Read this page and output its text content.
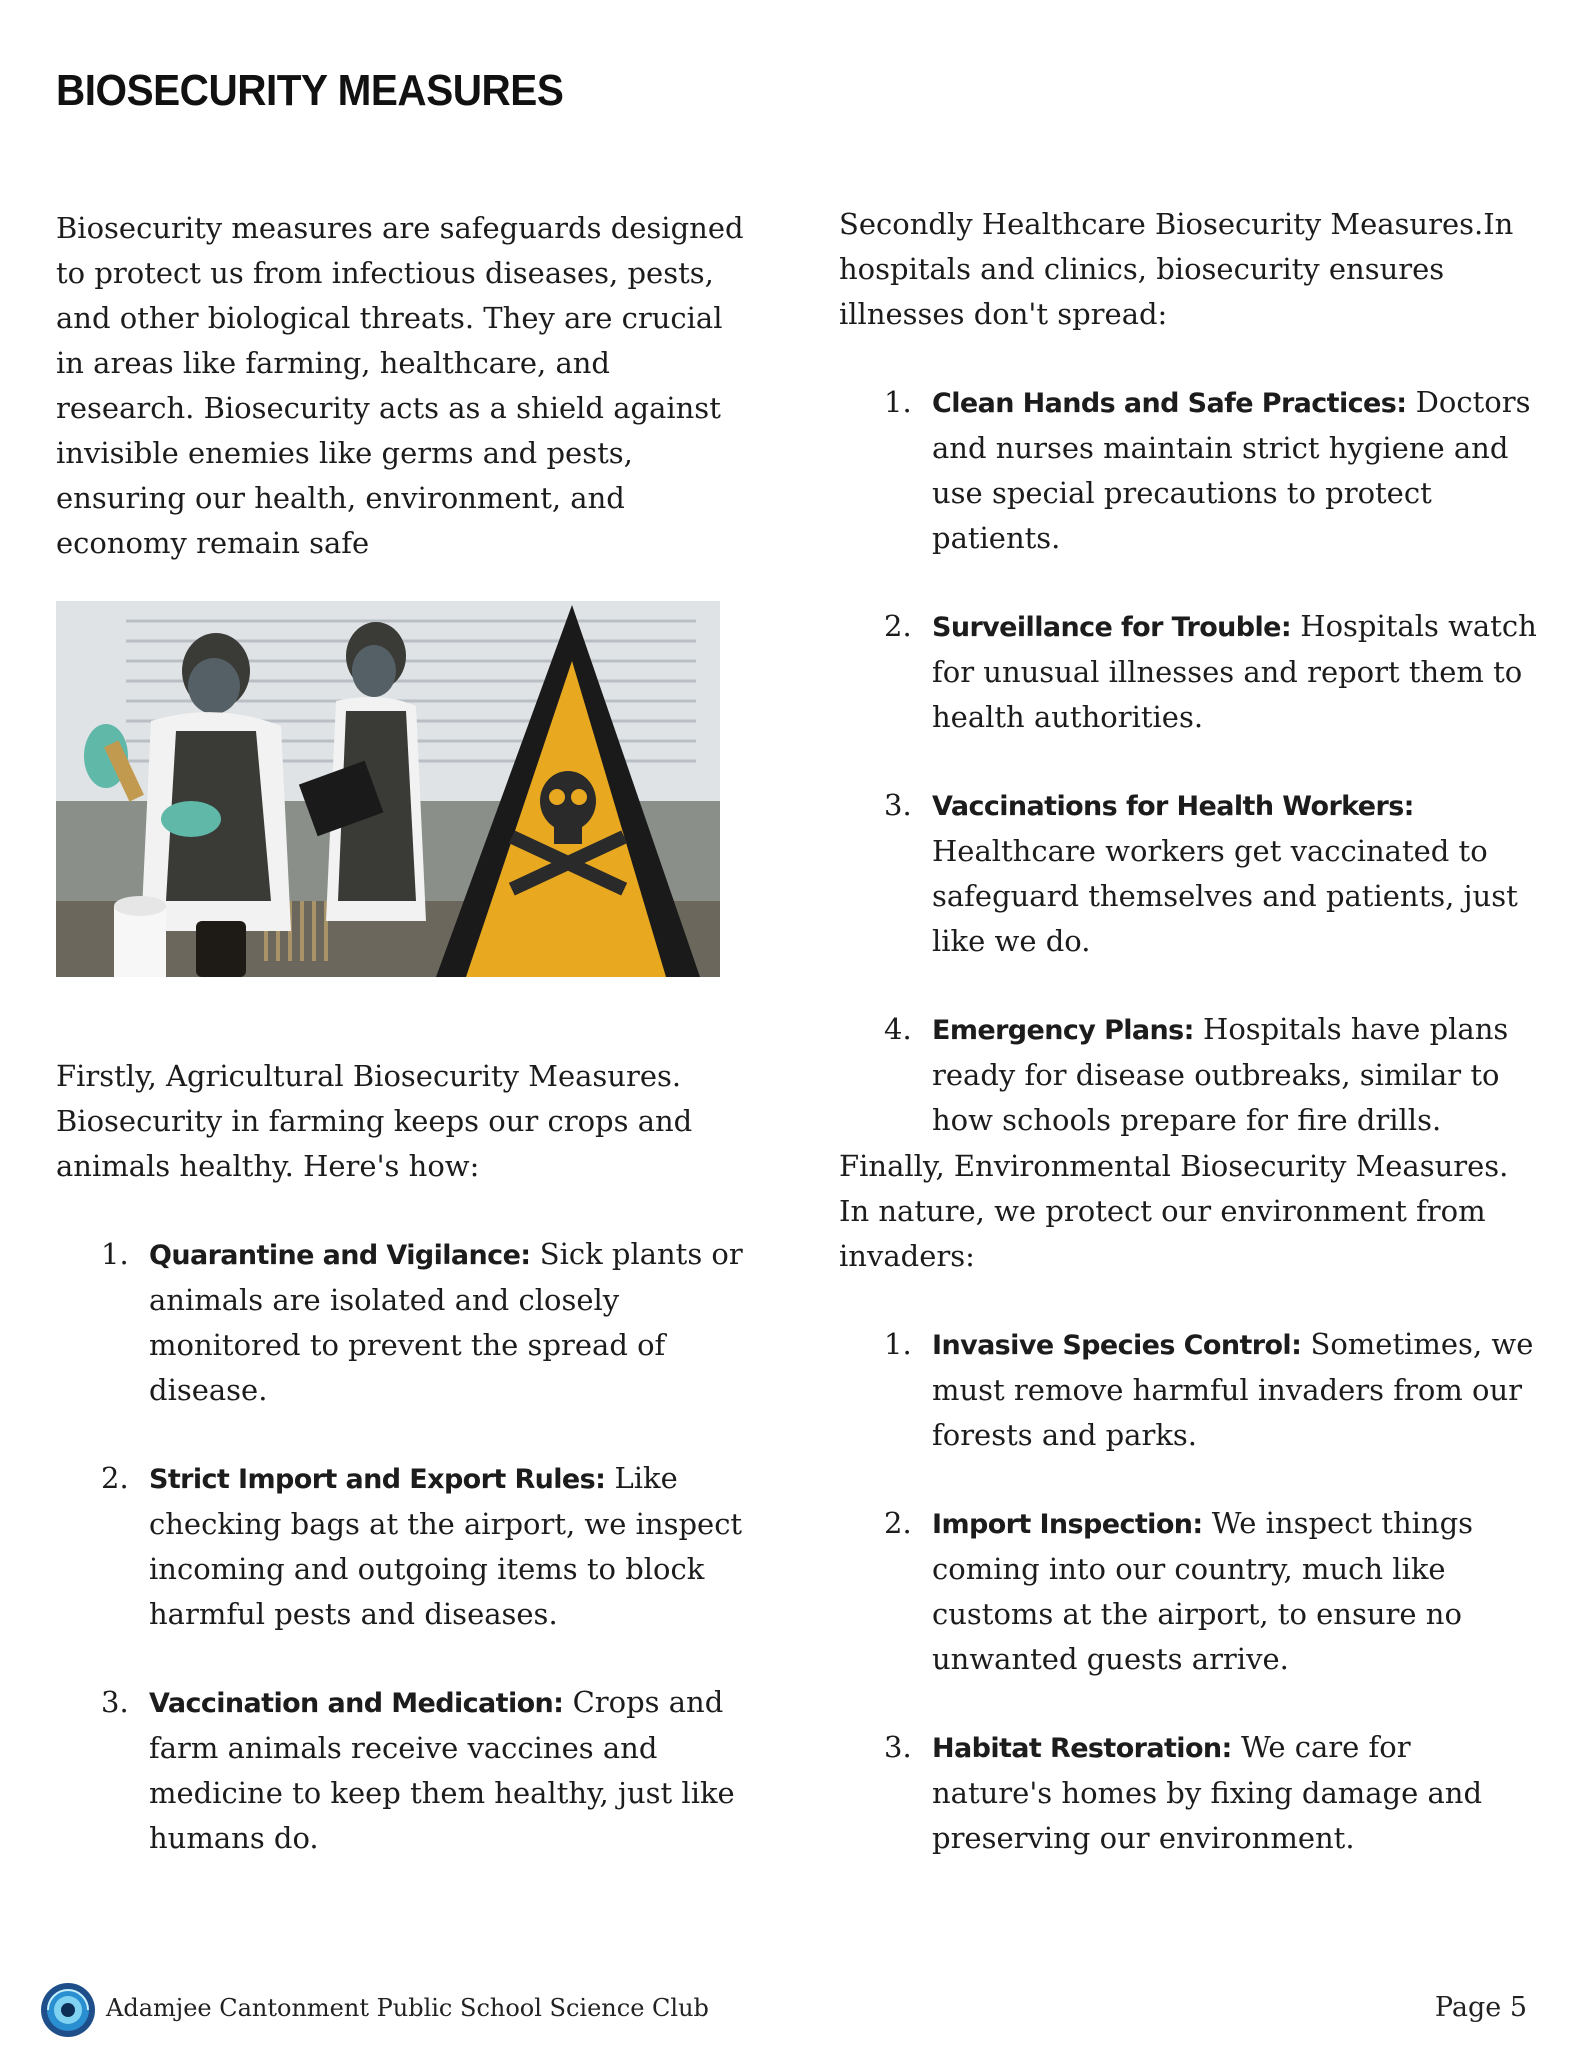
BIOSECURITY MEASURES

Biosecurity measures are safeguards designed to protect us from infectious diseases, pests, and other biological threats. They are crucial in areas like farming, healthcare, and research. Biosecurity acts as a shield against invisible enemies like germs and pests, ensuring our health, environment, and economy remain safe

Firstly, Agricultural Biosecurity Measures. Biosecurity in farming keeps our crops and animals healthy. Here's how:

1. Quarantine and Vigilance: Sick plants or animals are isolated and closely monitored to prevent the spread of disease.
2. Strict Import and Export Rules: Like checking bags at the airport, we inspect incoming and outgoing items to block harmful pests and diseases.
3. Vaccination and Medication: Crops and farm animals receive vaccines and medicine to keep them healthy, just like humans do.

Secondly Healthcare Biosecurity Measures.In hospitals and clinics, biosecurity ensures illnesses don't spread:

1. Clean Hands and Safe Practices: Doctors and nurses maintain strict hygiene and use special precautions to protect patients.
2. Surveillance for Trouble: Hospitals watch for unusual illnesses and report them to health authorities.
3. Vaccinations for Health Workers: Healthcare workers get vaccinated to safeguard themselves and patients, just like we do.
4. Emergency Plans: Hospitals have plans ready for disease outbreaks, similar to how schools prepare for fire drills.

Finally, Environmental Biosecurity Measures. In nature, we protect our environment from invaders:

1. Invasive Species Control: Sometimes, we must remove harmful invaders from our forests and parks.
2. Import Inspection: We inspect things coming into our country, much like customs at the airport, to ensure no unwanted guests arrive.
3. Habitat Restoration: We care for nature's homes by fixing damage and preserving our environment.
Adamjee Cantonment Public School Science Club	Page 5
